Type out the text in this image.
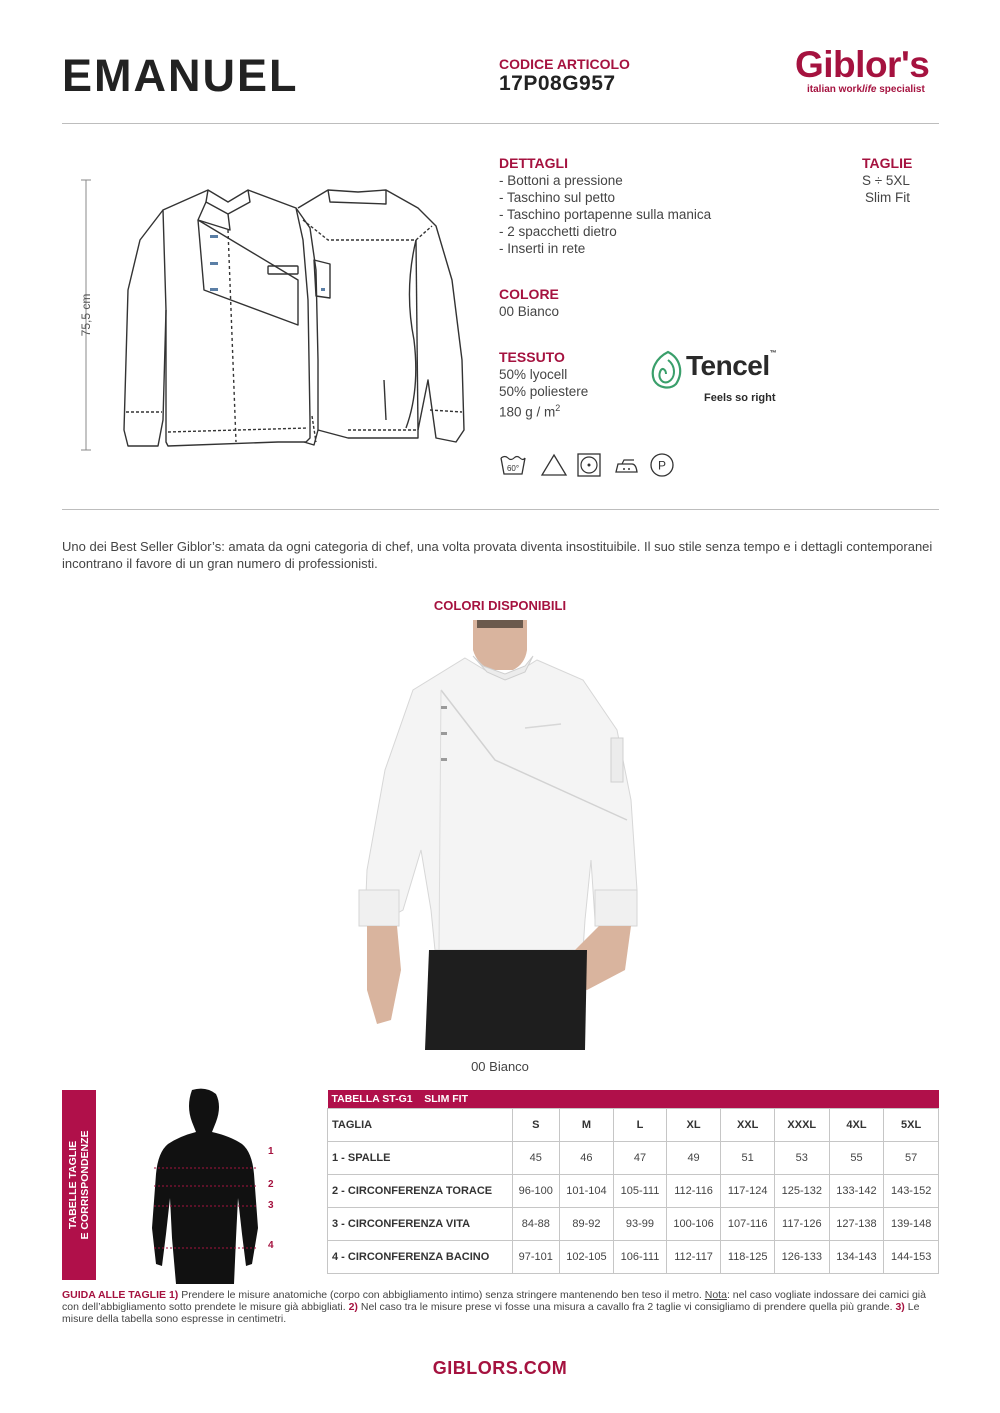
EMANUEL	CODICE ARTICOLO
17P08G957	Giblor's
italian worklife specialist
75,5 cm
DETTAGLI
- Bottoni a pressione
- Taschino sul petto
- Taschino portapenne sulla manica
- 2 spacchetti dietro
- Inserti in rete
TAGLIE
S ÷ 5XL
Slim Fit
COLORE
00 Bianco
TESSUTO
50% lyocell
50% poliestere
180 g / $m^2$
Tencel™
Feels so right
60°	P
Uno dei Best Seller Giblor’s: amata da ogni categoria di chef, una volta provata diventa insostituibile. Il suo stile senza tempo e i dettagli contemporanei incontrano il favore di un gran numero di professionisti.
COLORI DISPONIBILI
00 Bianco
TABELLE TAGLIE E CORRISPONDENZE	1
2
3
4
TABELLA ST-G1 SLIM FIT								
TAGLIA	S	M	L	XL	XXL	XXXL	4XL	5XL
1 - SPALLE	45	46	47	49	51	53	55	57
2 - CIRCONFERENZA TORACE	96-100	101-104	105-111	112-116	117-124	125-132	133-142	143-152
3 - CIRCONFERENZA VITA	84-88	89-92	93-99	100-106	107-116	117-126	127-138	139-148
4 - CIRCONFERENZA BACINO	97-101	102-105	106-111	112-117	118-125	126-133	134-143	144-153
GUIDA ALLE TAGLIE 1) Prendere le misure anatomiche (corpo con abbigliamento intimo) senza stringere mantenendo ben teso il metro. Nota: nel caso vogliate indossare dei camici già con dell’abbigliamento sotto prendete le misure già abbigliati. 2) Nel caso tra le misure prese vi fosse una misura a cavallo fra 2 taglie vi consigliamo di prendere quella più grande. 3) Le misure della tabella sono espresse in centimetri.
GIBLORS.COM
